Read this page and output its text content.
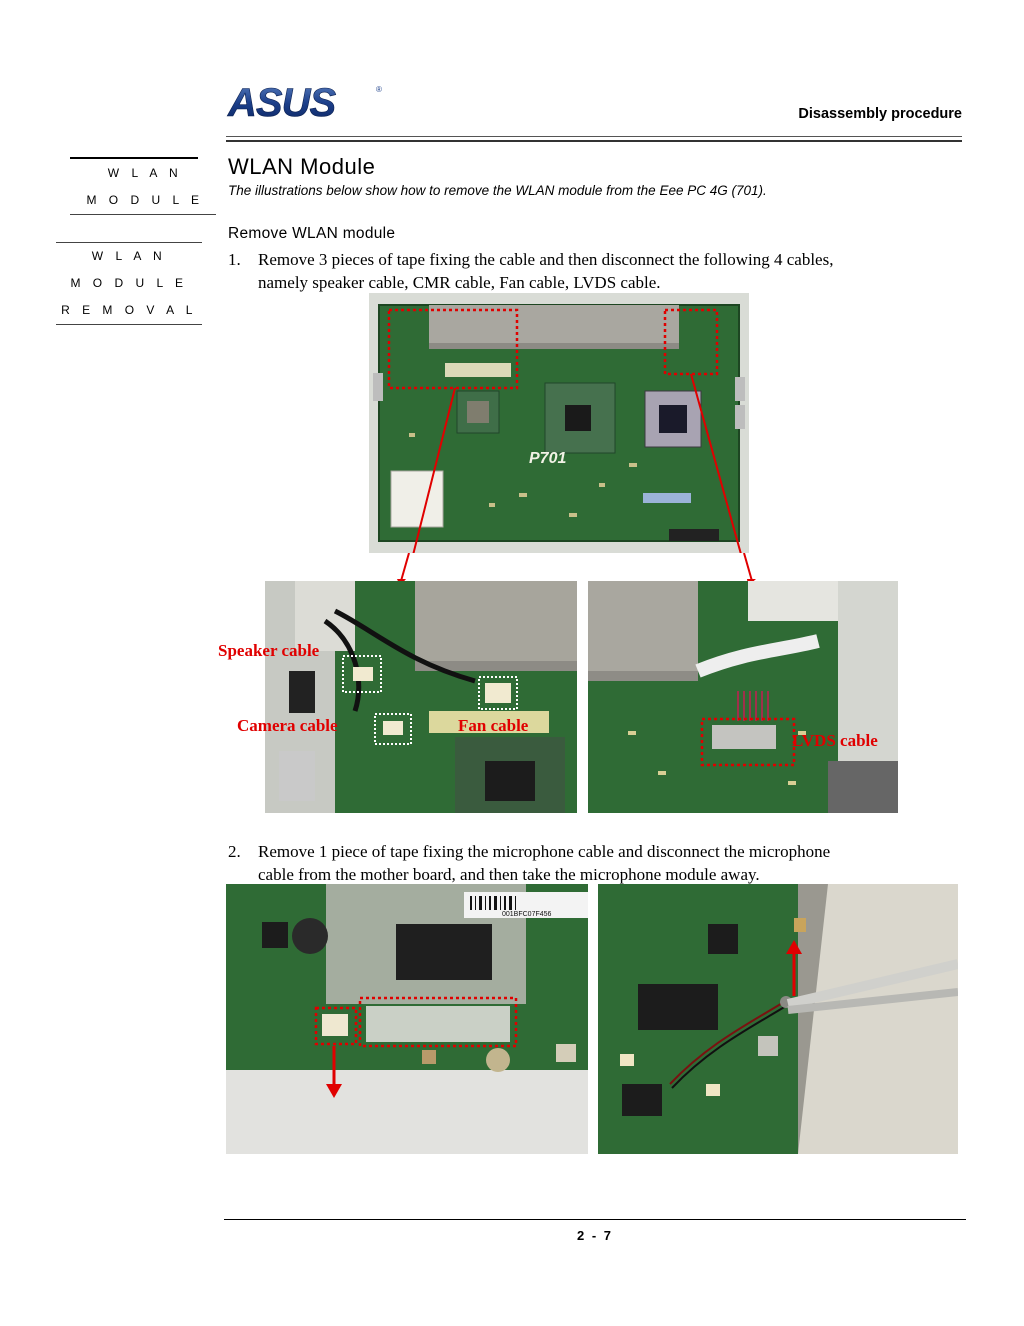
ASUS	®
Disassembly procedure
W L A N
M O D U L E
W L A N
M O D U L E
R E M O V A L
WLAN Module
The illustrations below show how to remove the WLAN module from the Eee PC 4G (701).
Remove WLAN module
1. Remove 3 pieces of tape fixing the cable and then disconnect the following 4 cables,
namely speaker cable, CMR cable, Fan cable, LVDS cable.
P701
Speaker cable
Camera cable	Fan cable
LVDS cable
2. Remove 1 piece of tape fixing the microphone cable and disconnect the microphone
cable from the mother board, and then take the microphone module away.
001BFC07F456
2 - 7
